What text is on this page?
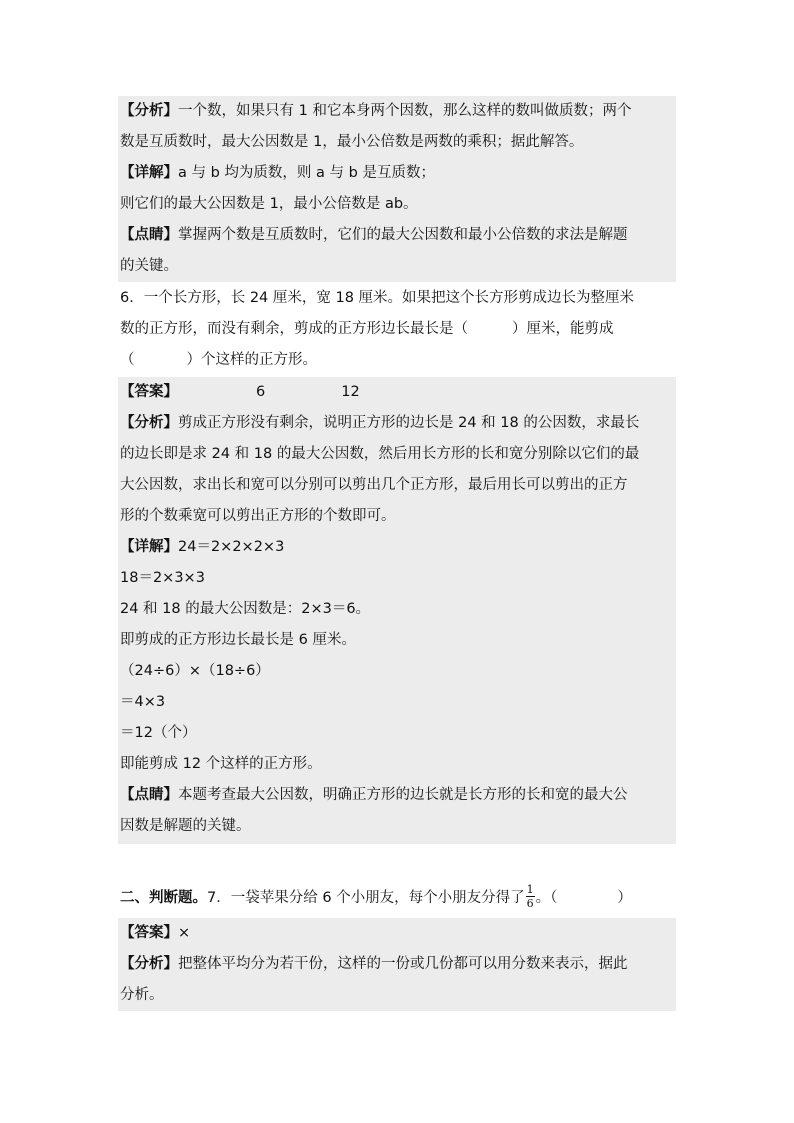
【分析】一个数，如果只有 1 和它本身两个因数，那么这样的数叫做质数；两个
数是互质数时，最大公因数是 1，最小公倍数是两数的乘积；据此解答。
【详解】a 与 b 均为质数，则 a 与 b 是互质数；
则它们的最大公因数是 1，最小公倍数是 ab。
【点睛】掌握两个数是互质数时，它们的最大公因数和最小公倍数的求法是解题
的关键。
6．一个长方形，长 24 厘米，宽 18 厘米。如果把这个长方形剪成边长为整厘米
数的正方形，而没有剩余，剪成的正方形边长最长是（	）厘米，能剪成
（	）个这样的正方形。
【答案】	6	12
【分析】剪成正方形没有剩余，说明正方形的边长是 24 和 18 的公因数，求最长
的边长即是求 24 和 18 的最大公因数，然后用长方形的长和宽分别除以它们的最
大公因数，求出长和宽可以分别可以剪出几个正方形，最后用长可以剪出的正方
形的个数乘宽可以剪出正方形的个数即可。
【详解】24＝2×2×2×3
18＝2×3×3
24 和 18 的最大公因数是：2×3＝6。
即剪成的正方形边长最长是 6 厘米。
（24÷6）×（18÷6）
＝4×3
＝12（个）
即能剪成 12 个这样的正方形。
【点睛】本题考查最大公因数，明确正方形的边长就是长方形的长和宽的最大公
因数是解题的关键。
二、判断题。7．一袋苹果分给 6 个小朋友，每个小朋友分得了 $\frac{1}{6}$ 。（	）
【答案】×
【分析】把整体平均分为若干份，这样的一份或几份都可以用分数来表示，据此
分析。
